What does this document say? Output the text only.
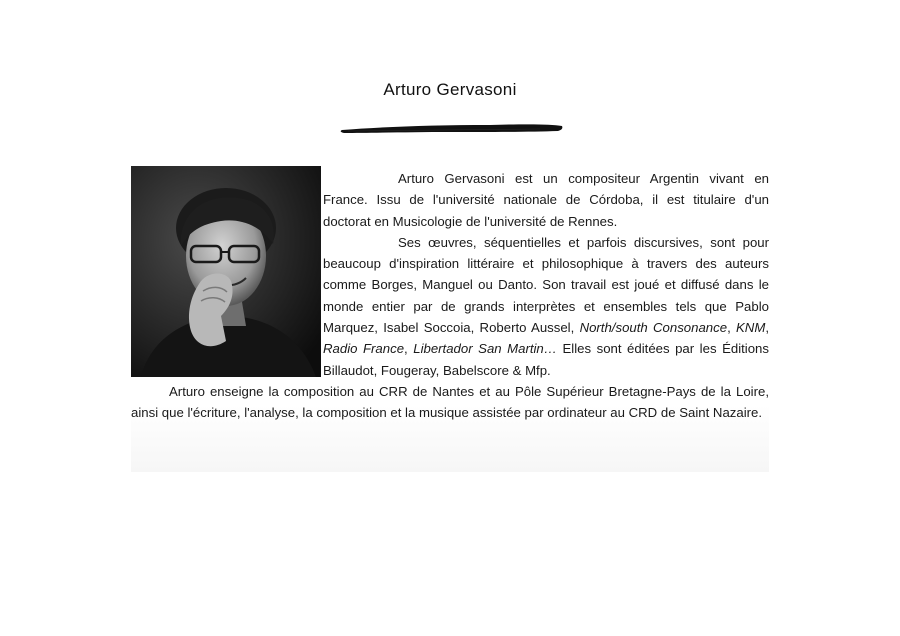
Arturo Gervasoni

Arturo Gervasoni est un compositeur Argentin vivant en France. Issu de l'université nationale de Córdoba, il est titulaire d'un doctorat en Musicologie de l'université de Rennes.

Ses œuvres, séquentielles et parfois discursives, sont pour beaucoup d'inspiration littéraire et philosophique à travers des auteurs comme Borges, Manguel ou Danto. Son travail est joué et diffusé dans le monde entier par de grands interprètes et ensembles tels que Pablo Marquez, Isabel Soccoia, Roberto Aussel, North/south Consonance, KNM, Radio France, Libertador San Martin… Elles sont éditées par les Éditions Billaudot, Fougeray, Babelscore & Mfp.

Arturo enseigne la composition au CRR de Nantes et au Pôle Supérieur Bretagne-Pays de la Loire, ainsi que l'écriture, l'analyse, la composition et la musique assistée par ordinateur au CRD de Saint Nazaire.
